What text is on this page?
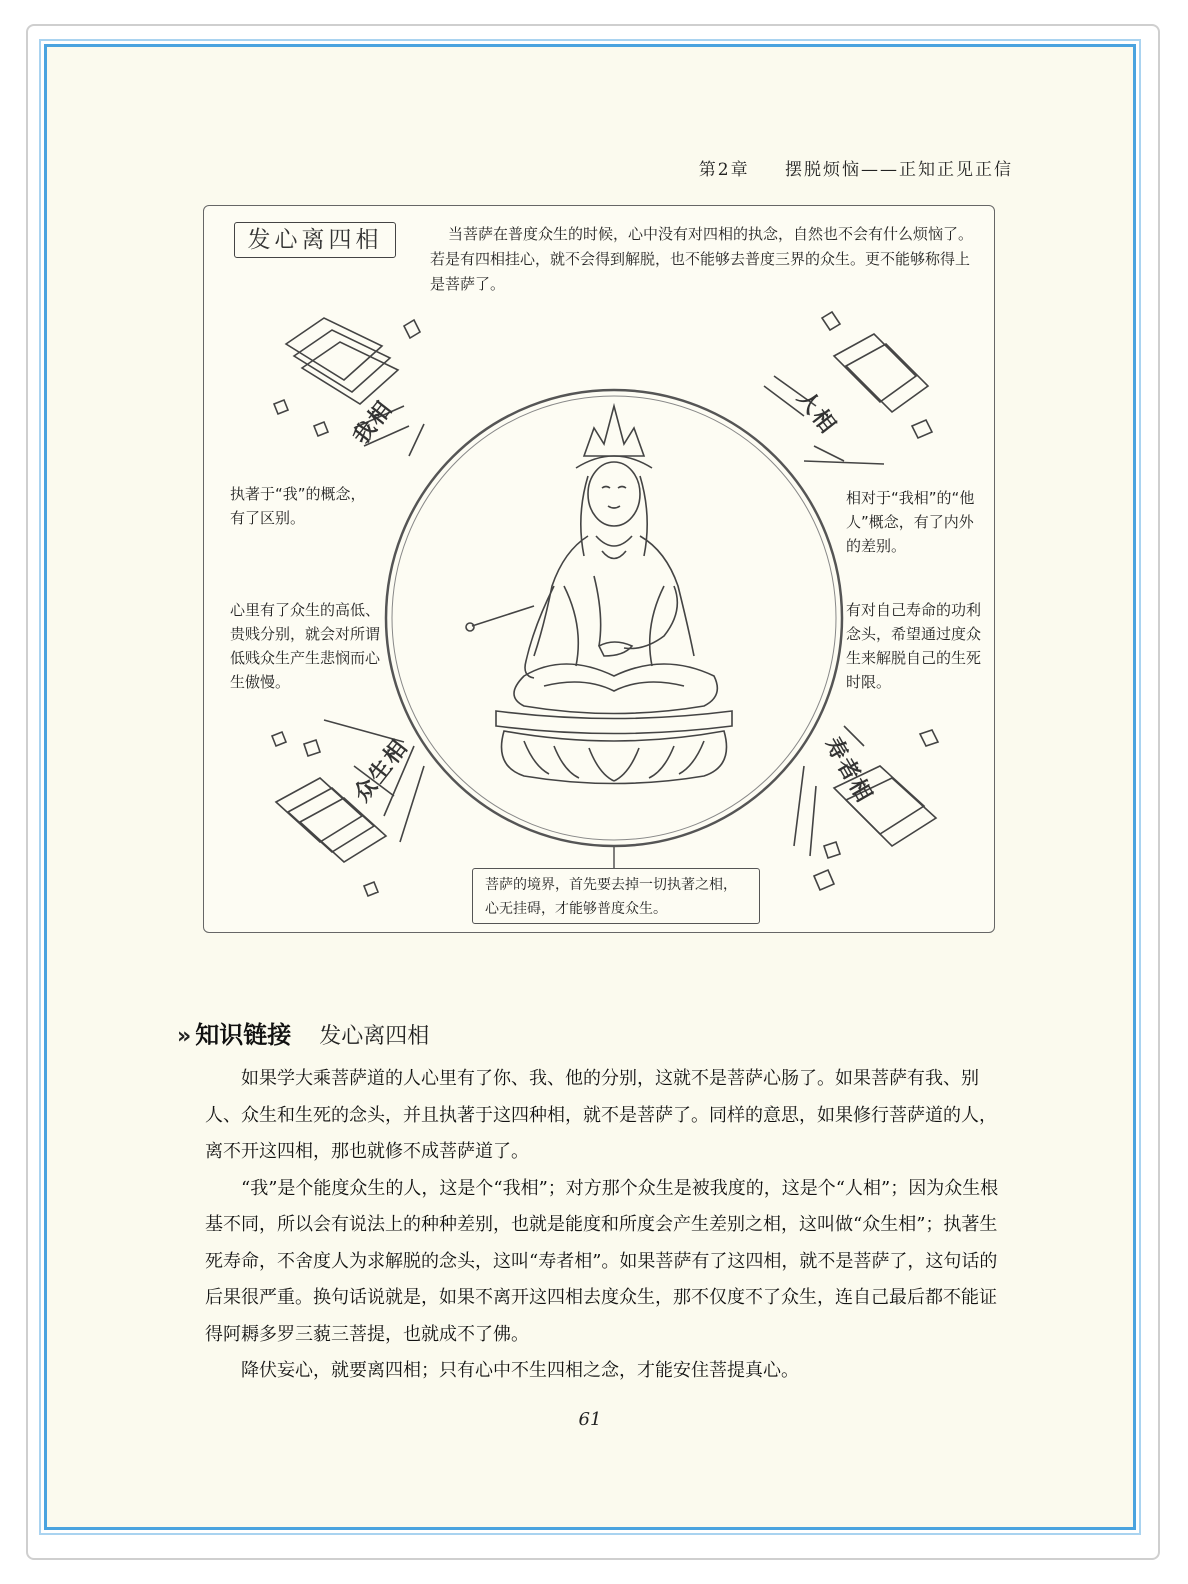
第2章 摆脱烦恼——正知正见正信
发心离四相	当菩萨在普度众生的时候，心中没有对四相的执念，自然也不会有什么烦恼了。若是有四相挂心，就不会得到解脱，也不能够去普度三界的众生。更不能够称得上是菩萨了。
我相	人相
众生相	寿者相
执著于“我”的概念，有了区别。
相对于“我相”的“他人”概念，有了内外的差别。
心里有了众生的高低、贵贱分别，就会对所谓低贱众生产生悲悯而心生傲慢。
有对自己寿命的功利念头，希望通过度众生来解脱自己的生死时限。
菩萨的境界，首先要去掉一切执著之相，心无挂碍，才能够普度众生。
» 知识链接 发心离四相

如果学大乘菩萨道的人心里有了你、我、他的分别，这就不是菩萨心肠了。如果菩萨有我、别人、众生和生死的念头，并且执著于这四种相，就不是菩萨了。同样的意思，如果修行菩萨道的人，离不开这四相，那也就修不成菩萨道了。

“我”是个能度众生的人，这是个“我相”；对方那个众生是被我度的，这是个“人相”；因为众生根基不同，所以会有说法上的种种差别，也就是能度和所度会产生差别之相，这叫做“众生相”；执著生死寿命，不舍度人为求解脱的念头，这叫“寿者相”。如果菩萨有了这四相，就不是菩萨了，这句话的后果很严重。换句话说就是，如果不离开这四相去度众生，那不仅度不了众生，连自己最后都不能证得阿耨多罗三藐三菩提，也就成不了佛。

降伏妄心，就要离四相；只有心中不生四相之念，才能安住菩提真心。

61
